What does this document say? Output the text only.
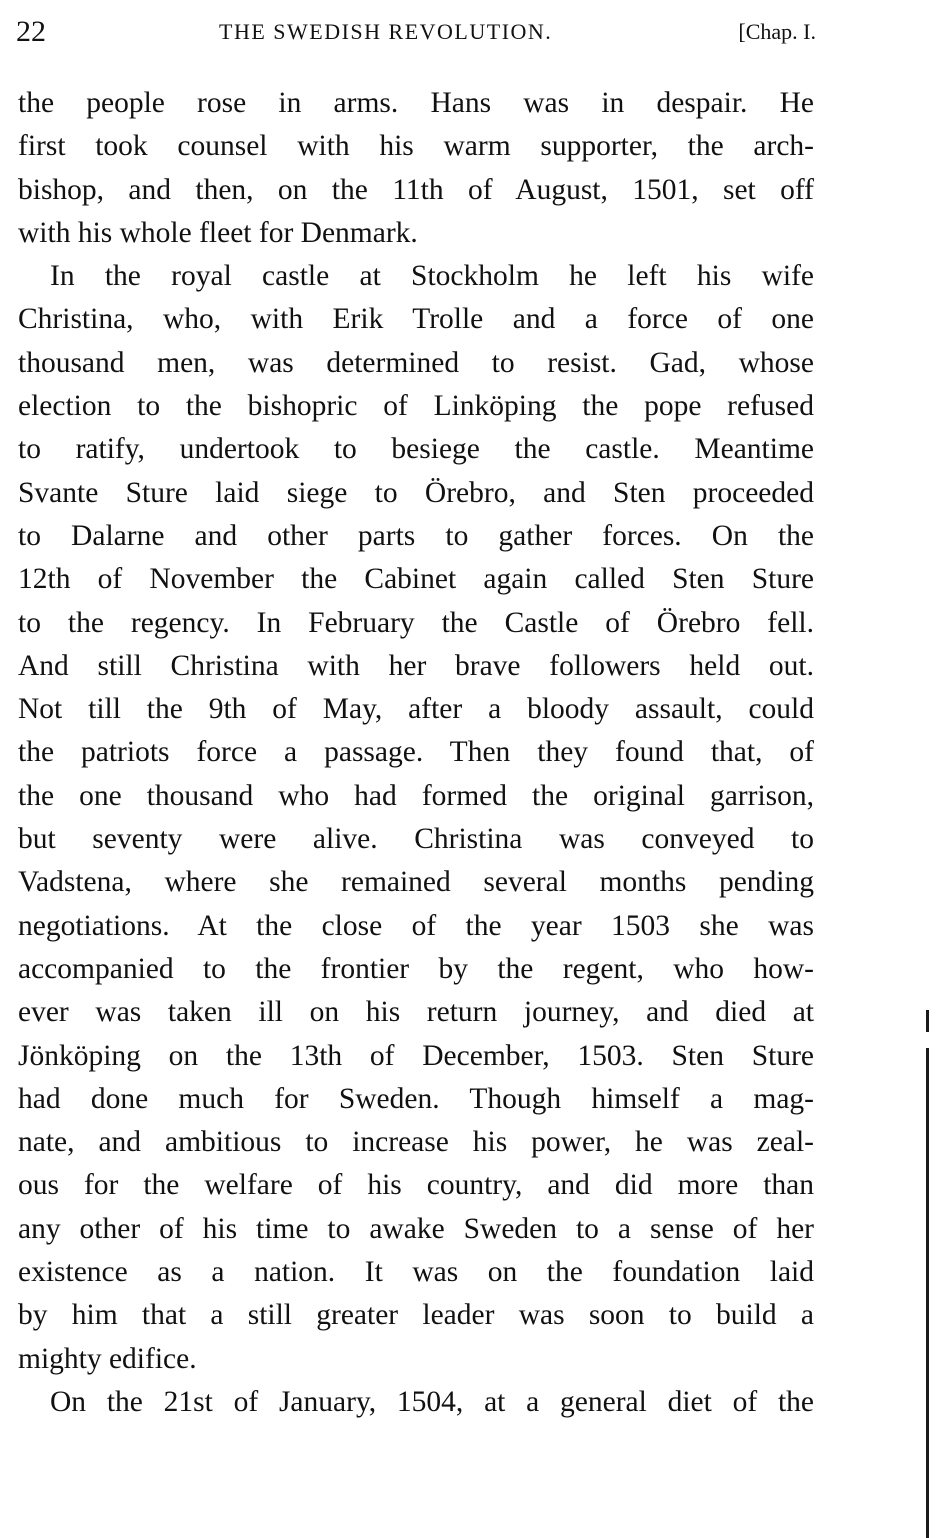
22	THE SWEDISH REVOLUTION.	[Chap. I.
the people rose in arms. Hans was in despair. He
first took counsel with his warm supporter, the arch-
bishop, and then, on the 11th of August, 1501, set off
with his whole fleet for Denmark.
In the royal castle at Stockholm he left his wife
Christina, who, with Erik Trolle and a force of one
thousand men, was determined to resist. Gad, whose
election to the bishopric of Linköping the pope refused
to ratify, undertook to besiege the castle. Meantime
Svante Sture laid siege to Örebro, and Sten proceeded
to Dalarne and other parts to gather forces. On the
12th of November the Cabinet again called Sten Sture
to the regency. In February the Castle of Örebro fell.
And still Christina with her brave followers held out.
Not till the 9th of May, after a bloody assault, could
the patriots force a passage. Then they found that, of
the one thousand who had formed the original garrison,
but seventy were alive. Christina was conveyed to
Vadstena, where she remained several months pending
negotiations. At the close of the year 1503 she was
accompanied to the frontier by the regent, who how-
ever was taken ill on his return journey, and died at
Jönköping on the 13th of December, 1503. Sten Sture
had done much for Sweden. Though himself a mag-
nate, and ambitious to increase his power, he was zeal-
ous for the welfare of his country, and did more than
any other of his time to awake Sweden to a sense of her
existence as a nation. It was on the foundation laid
by him that a still greater leader was soon to build a
mighty edifice.
On the 21st of January, 1504, at a general diet of the
